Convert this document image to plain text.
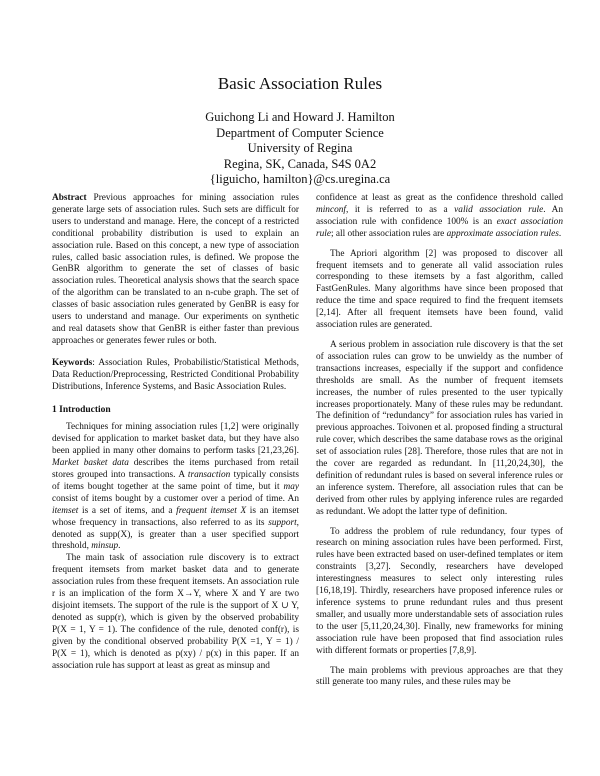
Basic Association Rules

Guichong Li and Howard J. Hamilton

Department of Computer Science

University of Regina

Regina, SK, Canada, S4S 0A2

{liguicho, hamilton}@cs.uregina.ca

Abstract Previous approaches for mining association rules generate large sets of association rules. Such sets are difficult for users to understand and manage. Here, the concept of a restricted conditional probability distribution is used to explain an association rule. Based on this concept, a new type of association rules, called basic association rules, is defined. We propose the GenBR algorithm to generate the set of classes of basic association rules. Theoretical analysis shows that the search space of the algorithm can be translated to an n-cube graph. The set of classes of basic association rules generated by GenBR is easy for users to understand and manage. Our experiments on synthetic and real datasets show that GenBR is either faster than previous approaches or generates fewer rules or both.

Keywords: Association Rules, Probabilistic/Statistical Methods, Data Reduction/Preprocessing, Restricted Conditional Probability Distributions, Inference Systems, and Basic Association Rules.

1 Introduction

Techniques for mining association rules [1,2] were originally devised for application to market basket data, but they have also been applied in many other domains to perform tasks [21,23,26]. Market basket data describes the items purchased from retail stores grouped into transactions. A transaction typically consists of items bought together at the same point of time, but it may consist of items bought by a customer over a period of time. An itemset is a set of items, and a frequent itemset X is an itemset whose frequency in transactions, also referred to as its support, denoted as supp(X), is greater than a user specified support threshold, minsup.

The main task of association rule discovery is to extract frequent itemsets from market basket data and to generate association rules from these frequent itemsets. An association rule r is an implication of the form X→Y, where X and Y are two disjoint itemsets. The support of the rule is the support of X ∪ Y, denoted as supp(r), which is given by the observed probability P(X = 1, Y = 1). The confidence of the rule, denoted conf(r), is given by the conditional observed probability P(X =1, Y = 1) / P(X = 1), which is denoted as p(xy) / p(x) in this paper. If an association rule has support at least as great as minsup and

confidence at least as great as the confidence threshold called minconf, it is referred to as a valid association rule. An association rule with confidence 100% is an exact association rule; all other association rules are approximate association rules.

The Apriori algorithm [2] was proposed to discover all frequent itemsets and to generate all valid association rules corresponding to these itemsets by a fast algorithm, called FastGenRules. Many algorithms have since been proposed that reduce the time and space required to find the frequent itemsets [2,14]. After all frequent itemsets have been found, valid association rules are generated.

A serious problem in association rule discovery is that the set of association rules can grow to be unwieldy as the number of transactions increases, especially if the support and confidence thresholds are small. As the number of frequent itemsets increases, the number of rules presented to the user typically increases proportionately. Many of these rules may be redundant. The definition of “redundancy” for association rules has varied in previous approaches. Toivonen et al. proposed finding a structural rule cover, which describes the same database rows as the original set of association rules [28]. Therefore, those rules that are not in the cover are regarded as redundant. In [11,20,24,30], the definition of redundant rules is based on several inference rules or an inference system. Therefore, all association rules that can be derived from other rules by applying inference rules are regarded as redundant. We adopt the latter type of definition.

To address the problem of rule redundancy, four types of research on mining association rules have been performed. First, rules have been extracted based on user-defined templates or item constraints [3,27]. Secondly, researchers have developed interestingness measures to select only interesting rules [16,18,19]. Thirdly, researchers have proposed inference rules or inference systems to prune redundant rules and thus present smaller, and usually more understandable sets of association rules to the user [5,11,20,24,30]. Finally, new frameworks for mining association rule have been proposed that find association rules with different formats or properties [7,8,9].

The main problems with previous approaches are that they still generate too many rules, and these rules may be
